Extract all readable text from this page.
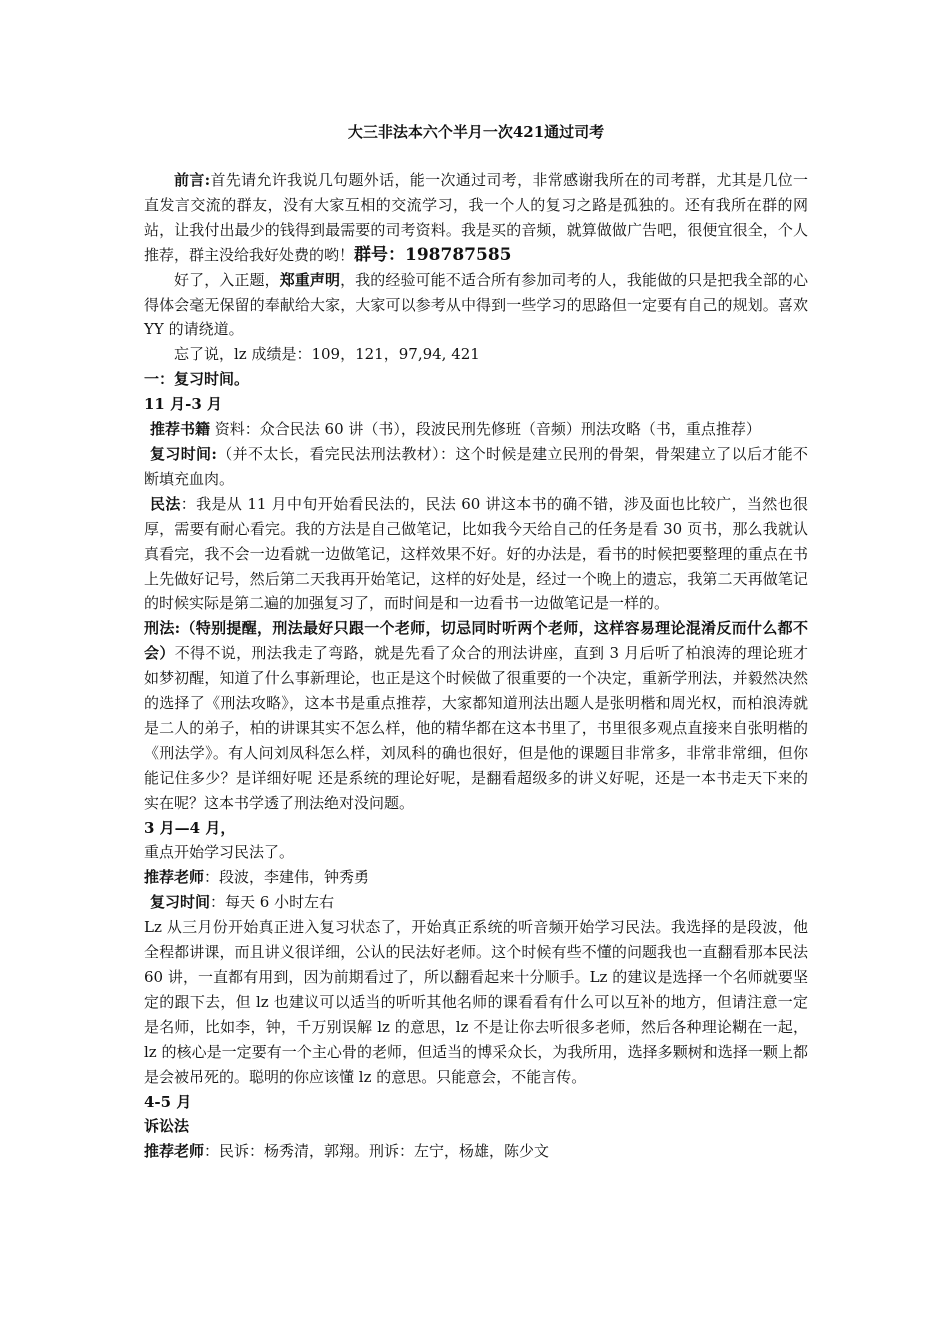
大三非法本六个半月一次421通过司考

前言:首先请允许我说几句题外话，能一次通过司考，非常感谢我所在的司考群，尤其是几位一直发言交流的群友，没有大家互相的交流学习，我一个人的复习之路是孤独的。还有我所在群的网站，让我付出最少的钱得到最需要的司考资料。我是买的音频，就算做做广告吧，很便宜很全，个人推荐，群主没给我好处费的哟！群号：198787585

好了，入正题，郑重声明，我的经验可能不适合所有参加司考的人，我能做的只是把我全部的心得体会毫无保留的奉献给大家，大家可以参考从中得到一些学习的思路但一定要有自己的规划。喜欢 YY 的请绕道。

忘了说，lz 成绩是：109，121，97,94, 421

一：复习时间。

11 月-3 月

推荐书籍 资料：众合民法 60 讲（书），段波民刑先修班（音频）刑法攻略（书，重点推荐）

复习时间:（并不太长，看完民法刑法教材）：这个时候是建立民刑的骨架，骨架建立了以后才能不断填充血肉。

民法：我是从 11 月中旬开始看民法的，民法 60 讲这本书的确不错，涉及面也比较广，当然也很厚，需要有耐心看完。我的方法是自己做笔记，比如我今天给自己的任务是看 30 页书，那么我就认真看完，我不会一边看就一边做笔记，这样效果不好。好的办法是，看书的时候把要整理的重点在书上先做好记号，然后第二天我再开始笔记，这样的好处是，经过一个晚上的遗忘，我第二天再做笔记的时候实际是第二遍的加强复习了，而时间是和一边看书一边做笔记是一样的。

刑法:（特别提醒，刑法最好只跟一个老师，切忌同时听两个老师，这样容易理论混淆反而什么都不会）不得不说，刑法我走了弯路，就是先看了众合的刑法讲座，直到 3 月后听了柏浪涛的理论班才如梦初醒，知道了什么事新理论，也正是这个时候做了很重要的一个决定，重新学刑法，并毅然决然的选择了《刑法攻略》，这本书是重点推荐，大家都知道刑法出题人是张明楷和周光权，而柏浪涛就是二人的弟子，柏的讲课其实不怎么样，他的精华都在这本书里了，书里很多观点直接来自张明楷的《刑法学》。有人问刘凤科怎么样，刘凤科的确也很好，但是他的课题目非常多，非常非常细，但你能记住多少？是详细好呢 还是系统的理论好呢，是翻看超级多的讲义好呢，还是一本书走天下来的实在呢？这本书学透了刑法绝对没问题。

3 月—4 月，

重点开始学习民法了。

推荐老师：段波，李建伟，钟秀勇

复习时间：每天 6 小时左右

Lz 从三月份开始真正进入复习状态了，开始真正系统的听音频开始学习民法。我选择的是段波，他全程都讲课，而且讲义很详细，公认的民法好老师。这个时候有些不懂的问题我也一直翻看那本民法 60 讲，一直都有用到，因为前期看过了，所以翻看起来十分顺手。Lz 的建议是选择一个名师就要坚定的跟下去，但 lz 也建议可以适当的听听其他名师的课看看有什么可以互补的地方，但请注意一定是名师，比如李，钟，千万别误解 lz 的意思，lz 不是让你去听很多老师，然后各种理论糊在一起，lz 的核心是一定要有一个主心骨的老师，但适当的博采众长，为我所用，选择多颗树和选择一颗上都是会被吊死的。聪明的你应该懂 lz 的意思。只能意会，不能言传。

4-5 月

诉讼法

推荐老师：民诉：杨秀清，郭翔。刑诉：左宁，杨雄，陈少文
